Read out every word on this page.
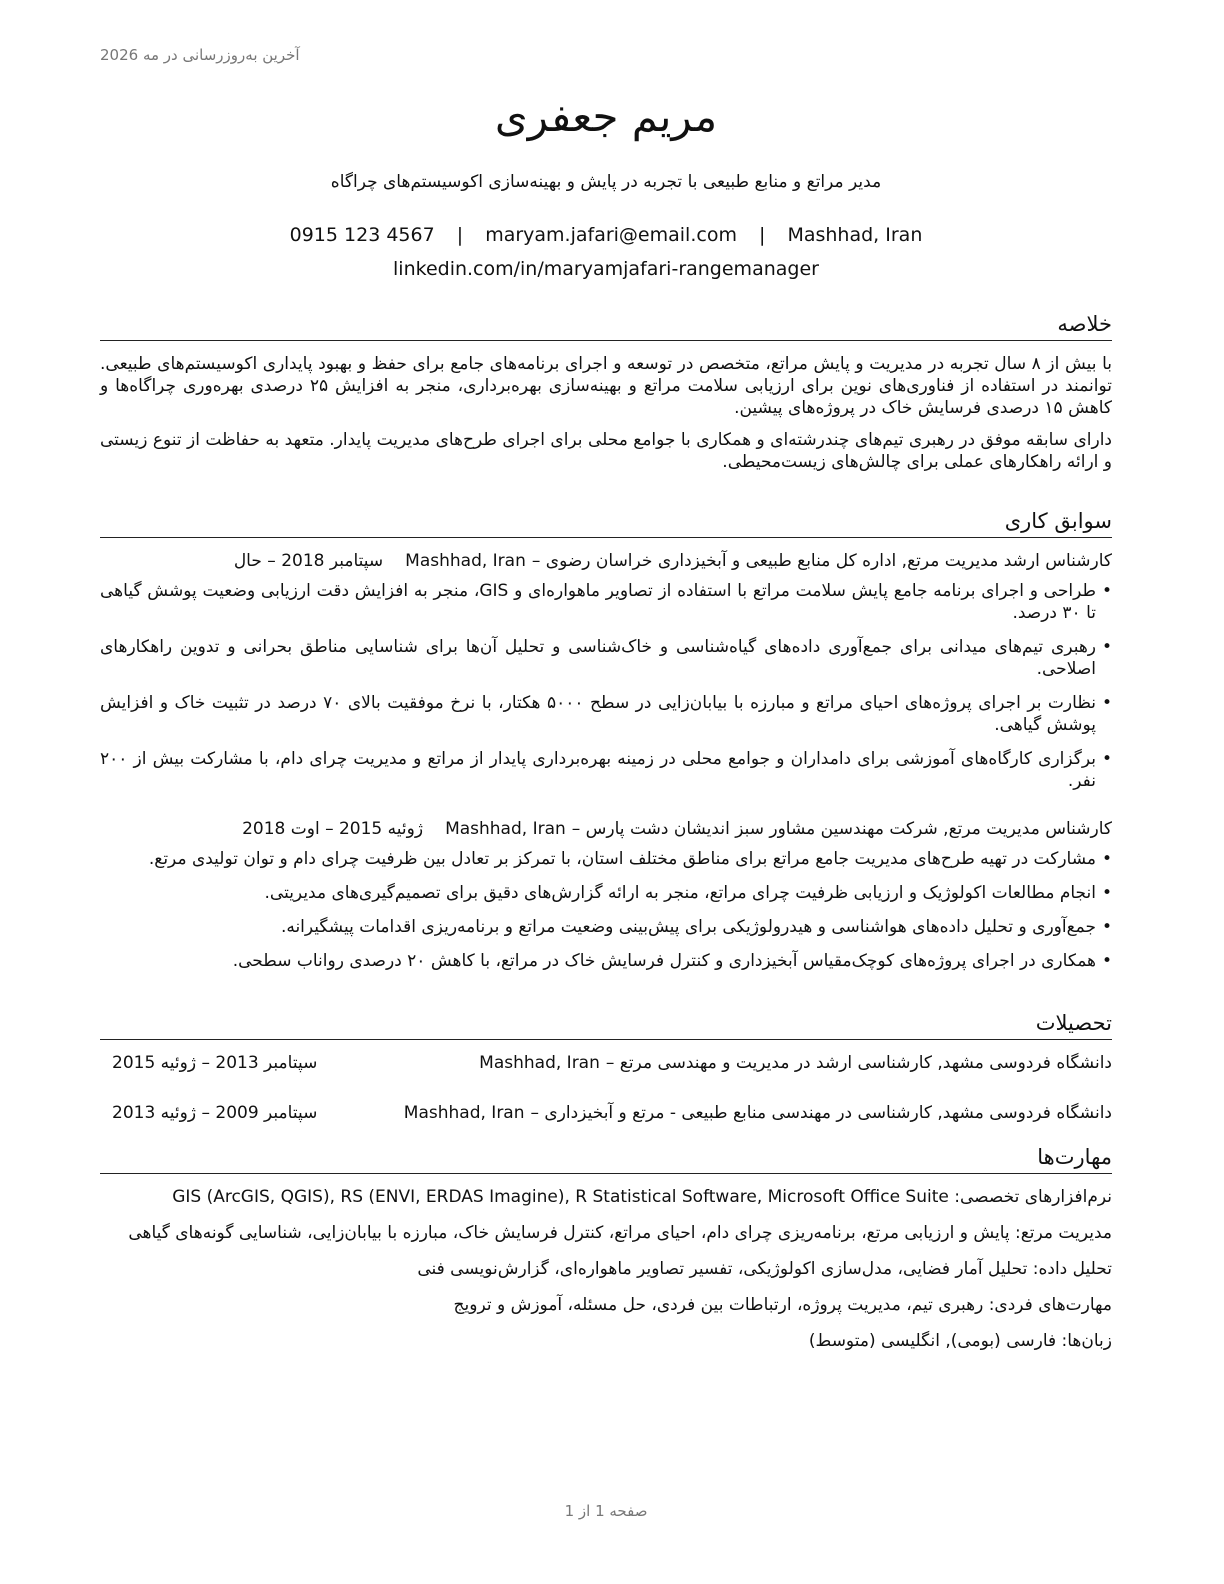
آخرین به‌روزرسانی در مه 2026
مریم جعفری
مدیر مراتع و منابع طبیعی با تجربه در پایش و بهینه‌سازی اکوسیستم‌های چراگاه
0915 123 4567 | maryam.jafari@email.com | Mashhad, Iran
linkedin.com/in/maryamjafari-rangemanager
خلاصه

با بیش از ۸ سال تجربه در مدیریت و پایش مراتع، متخصص در توسعه و اجرای برنامه‌های جامع برای حفظ و بهبود پایداری اکوسیستم‌های طبیعی. توانمند در استفاده از فناوری‌های نوین برای ارزیابی سلامت مراتع و بهینه‌سازی بهره‌برداری، منجر به افزایش ۲۵ درصدی بهره‌وری چراگاه‌ها و کاهش ۱۵ درصدی فرسایش خاک در پروژه‌های پیشین.

دارای سابقه موفق در رهبری تیم‌های چندرشته‌ای و همکاری با جوامع محلی برای اجرای طرح‌های مدیریت پایدار. متعهد به حفاظت از تنوع زیستی و ارائه راهکارهای عملی برای چالش‌های زیست‌محیطی.

سوابق کاری
کارشناس ارشد مدیریت مرتع, اداره کل منابع طبیعی و آبخیزداری خراسان رضوی –
Mashhad, Iran
سپتامبر 2018 – حال
• طراحی و اجرای برنامه جامع پایش سلامت مراتع با استفاده از تصاویر ماهواره‌ای و GIS، منجر به افزایش دقت ارزیابی وضعیت پوشش گیاهی تا ۳۰ درصد.
• رهبری تیم‌های میدانی برای جمع‌آوری داده‌های گیاه‌شناسی و خاک‌شناسی و تحلیل آن‌ها برای شناسایی مناطق بحرانی و تدوین راهکارهای اصلاحی.
• نظارت بر اجرای پروژه‌های احیای مراتع و مبارزه با بیابان‌زایی در سطح ۵۰۰۰ هکتار، با نرخ موفقیت بالای ۷۰ درصد در تثبیت خاک و افزایش پوشش گیاهی.
• برگزاری کارگاه‌های آموزشی برای دامداران و جوامع محلی در زمینه بهره‌برداری پایدار از مراتع و مدیریت چرای دام، با مشارکت بیش از ۲۰۰ نفر.
کارشناس مدیریت مرتع, شرکت مهندسین مشاور سبز اندیشان دشت پارس –
Mashhad, Iran
ژوئیه 2015 – اوت 2018
• مشارکت در تهیه طرح‌های مدیریت جامع مراتع برای مناطق مختلف استان، با تمرکز بر تعادل بین ظرفیت چرای دام و توان تولیدی مرتع.
• انجام مطالعات اکولوژیک و ارزیابی ظرفیت چرای مراتع، منجر به ارائه گزارش‌های دقیق برای تصمیم‌گیری‌های مدیریتی.
• جمع‌آوری و تحلیل داده‌های هواشناسی و هیدرولوژیکی برای پیش‌بینی وضعیت مراتع و برنامه‌ریزی اقدامات پیشگیرانه.
• همکاری در اجرای پروژه‌های کوچک‌مقیاس آبخیزداری و کنترل فرسایش خاک در مراتع، با کاهش ۲۰ درصدی رواناب سطحی.
تحصیلات
دانشگاه فردوسی مشهد, کارشناسی ارشد در مدیریت و مهندسی مرتع –
Mashhad, Iran
سپتامبر 2013 – ژوئیه 2015
دانشگاه فردوسی مشهد, کارشناسی در مهندسی منابع طبیعی - مرتع و آبخیزداری –
Mashhad, Iran
سپتامبر 2009 – ژوئیه 2013
مهارت‌ها
نرم‌افزارهای تخصصی: GIS (ArcGIS, QGIS), RS (ENVI, ERDAS Imagine), R Statistical Software, Microsoft Office Suite
مدیریت مرتع: پایش و ارزیابی مرتع، برنامه‌ریزی چرای دام، احیای مراتع، کنترل فرسایش خاک، مبارزه با بیابان‌زایی، شناسایی گونه‌های گیاهی
تحلیل داده: تحلیل آمار فضایی، مدل‌سازی اکولوژیکی، تفسیر تصاویر ماهواره‌ای، گزارش‌نویسی فنی
مهارت‌های فردی: رهبری تیم، مدیریت پروژه، ارتباطات بین فردی، حل مسئله، آموزش و ترویج
زبان‌ها: فارسی (بومی), انگلیسی (متوسط)
صفحه 1 از 1
